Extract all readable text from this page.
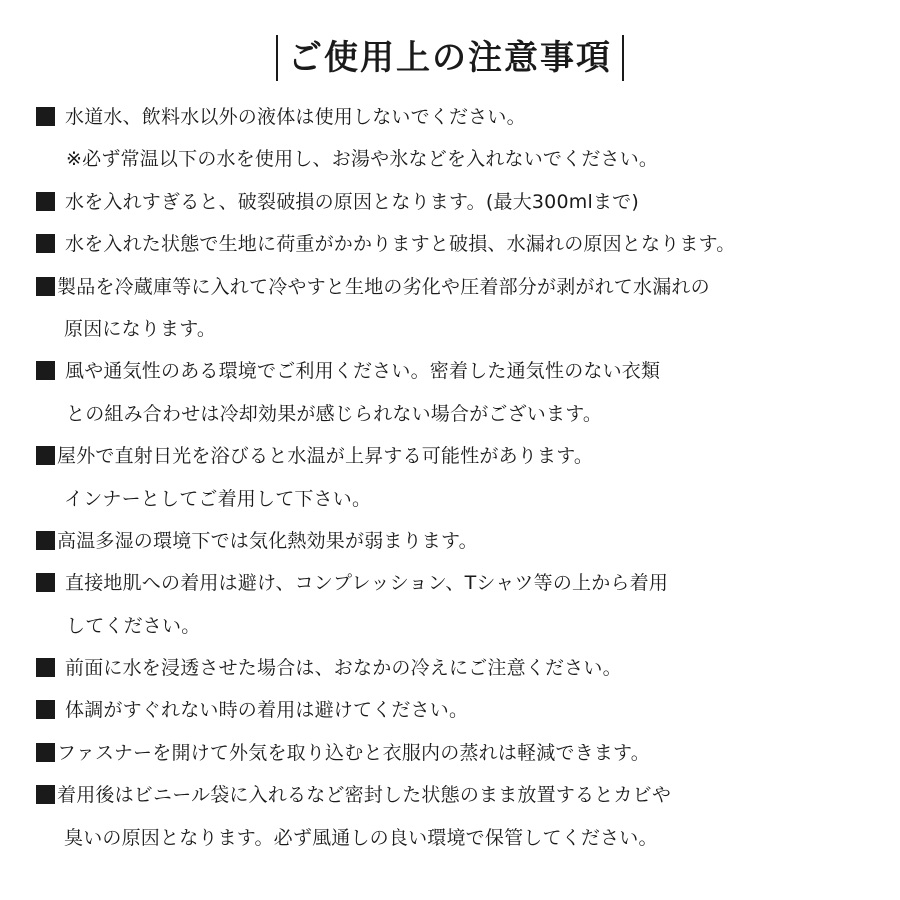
ご使用上の注意事項
水道水、飲料水以外の液体は使用しないでください。
※必ず常温以下の水を使用し、お湯や氷などを入れないでください。
水を入れすぎると、破裂破損の原因となります。(最大300mlまで)
水を入れた状態で生地に荷重がかかりますと破損、水漏れの原因となります。
製品を冷蔵庫等に入れて冷やすと生地の劣化や圧着部分が剥がれて水漏れの
原因になります。
風や通気性のある環境でご利用ください。密着した通気性のない衣類
との組み合わせは冷却効果が感じられない場合がございます。
屋外で直射日光を浴びると水温が上昇する可能性があります。
インナーとしてご着用して下さい。
高温多湿の環境下では気化熱効果が弱まります。
直接地肌への着用は避け、コンプレッション、Tシャツ等の上から着用
してください。
前面に水を浸透させた場合は、おなかの冷えにご注意ください。
体調がすぐれない時の着用は避けてください。
ファスナーを開けて外気を取り込むと衣服内の蒸れは軽減できます。
着用後はビニール袋に入れるなど密封した状態のまま放置するとカビや
臭いの原因となります。必ず風通しの良い環境で保管してください。
